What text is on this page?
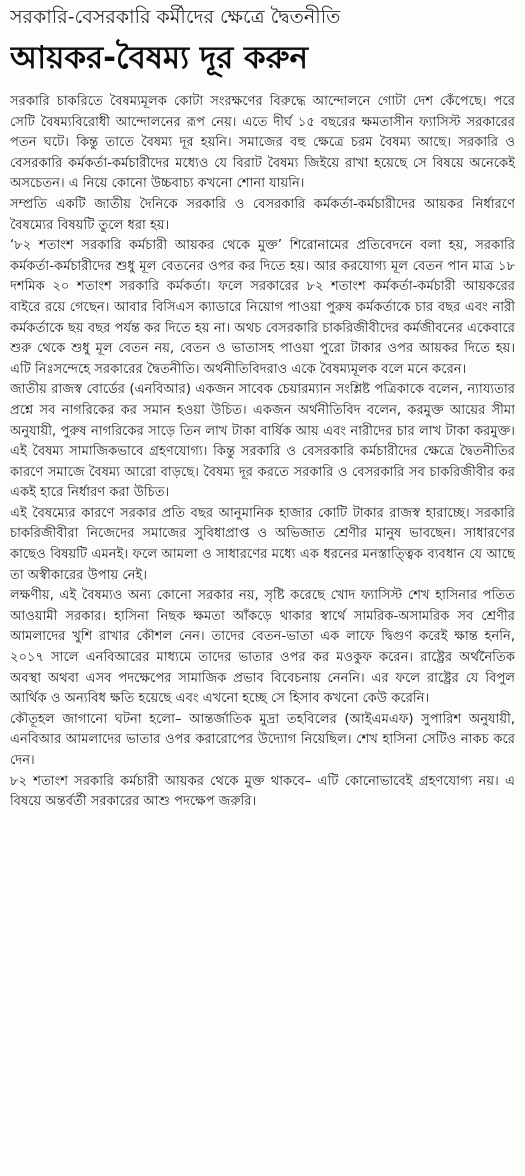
সরকারি-বেসরকারি কর্মীদের ক্ষেত্রে দ্বৈতনীতি
আয়কর-বৈষম্য দূর করুন

সরকারি চাকরিতে বৈষম্যমূলক কোটা সংরক্ষণের বিরুদ্ধে আন্দোলনে গোটা দেশ কেঁপেছে। পরে সেটি বৈষম্যবিরোধী আন্দোলনের রূপ নেয়। এতে দীর্ঘ ১৫ বছরের ক্ষমতাসীন ফ্যাসিস্ট সরকারের পতন ঘটে। কিন্তু তাতে বৈষম্য দূর হয়নি। সমাজের বহু ক্ষেত্রে চরম বৈষম্য আছে। সরকারি ও বেসরকারি কর্মকর্তা-কর্মচারীদের মধ্যেও যে বিরাট বৈষম্য জিইয়ে রাখা হয়েছে সে বিষয়ে অনেকেই অসচেতন। এ নিয়ে কোনো উচ্চবাচ্য কখনো শোনা যায়নি।

সম্প্রতি একটি জাতীয় দৈনিকে সরকারি ও বেসরকারি কর্মকর্তা-কর্মচারীদের আয়কর নির্ধারণে বৈষম্যের বিষয়টি তুলে ধরা হয়।

‘৮২ শতাংশ সরকারি কর্মচারী আয়কর থেকে মুক্ত’ শিরোনামের প্রতিবেদনে বলা হয়, সরকারি কর্মকর্তা-কর্মচারীদের শুধু মূল বেতনের ওপর কর দিতে হয়। আর করযোগ্য মূল বেতন পান মাত্র ১৮ দশমিক ২০ শতাংশ সরকারি কর্মকর্তা। ফলে সরকারের ৮২ শতাংশ কর্মকর্তা-কর্মচারী আয়করের বাইরে রয়ে গেছেন। আবার বিসিএস ক্যাডারে নিয়োগ পাওয়া পুরুষ কর্মকর্তাকে চার বছর এবং নারী কর্মকর্তাকে ছয় বছর পর্যন্ত কর দিতে হয় না। অথচ বেসরকারি চাকরিজীবীদের কর্মজীবনের একেবারে শুরু থেকে শুধু মূল বেতন নয়, বেতন ও ভাতাসহ পাওয়া পুরো টাকার ওপর আয়কর দিতে হয়। এটি নিঃসন্দেহে সরকারের দ্বৈতনীতি। অর্থনীতিবিদরাও একে বৈষম্যমূলক বলে মনে করেন।

জাতীয় রাজস্ব বোর্ডের (এনবিআর) একজন সাবেক চেয়ারম্যান সংশ্লিষ্ট পত্রিকাকে বলেন, ন্যায্যতার প্রশ্নে সব নাগরিকের কর সমান হওয়া উচিত। একজন অর্থনীতিবিদ বলেন, করমুক্ত আয়ের সীমা অনুযায়ী, পুরুষ নাগরিকের সাড়ে তিন লাখ টাকা বার্ষিক আয় এবং নারীদের চার লাখ টাকা করমুক্ত। এই বৈষম্য সামাজিকভাবে গ্রহণযোগ্য। কিন্তু সরকারি ও বেসরকারি কর্মচারীদের ক্ষেত্রে দ্বৈতনীতির কারণে সমাজে বৈষম্য আরো বাড়ছে। বৈষম্য দূর করতে সরকারি ও বেসরকারি সব চাকরিজীবীর কর একই হারে নির্ধারণ করা উচিত।

এই বৈষম্যের কারণে সরকার প্রতি বছর আনুমানিক হাজার কোটি টাকার রাজস্ব হারাচ্ছে। সরকারি চাকরিজীবীরা নিজেদের সমাজের সুবিধাপ্রাপ্ত ও অভিজাত শ্রেণীর মানুষ ভাবছেন। সাধারণের কাছেও বিষয়টি এমনই। ফলে আমলা ও সাধারণের মধ্যে এক ধরনের মনস্তাত্ত্বিক ব্যবধান যে আছে তা অস্বীকারের উপায় নেই।

লক্ষণীয়, এই বৈষম্যও অন্য কোনো সরকার নয়, সৃষ্টি করেছে খোদ ফ্যাসিস্ট শেখ হাসিনার পতিত আওয়ামী সরকার। হাসিনা নিছক ক্ষমতা আঁকড়ে থাকার স্বার্থে সামরিক-অসামরিক সব শ্রেণীর আমলাদের খুশি রাখার কৌশল নেন। তাদের বেতন-ভাতা এক লাফে দ্বিগুণ করেই ক্ষান্ত হননি, ২০১৭ সালে এনবিআরের মাধ্যমে তাদের ভাতার ওপর কর মওকুফ করেন। রাষ্ট্রের অর্থনৈতিক অবস্থা অথবা এসব পদক্ষেপের সামাজিক প্রভাব বিবেচনায় নেননি। এর ফলে রাষ্ট্রের যে বিপুল আর্থিক ও অন্যবিধ ক্ষতি হয়েছে এবং এখনো হচ্ছে সে হিসাব কখনো কেউ করেনি।

কৌতূহল জাগানো ঘটনা হলো– আন্তর্জাতিক মুদ্রা তহবিলের (আইএমএফ) সুপারিশ অনুযায়ী, এনবিআর আমলাদের ভাতার ওপর করারোপের উদ্যোগ নিয়েছিল। শেখ হাসিনা সেটিও নাকচ করে দেন।

৮২ শতাংশ সরকারি কর্মচারী আয়কর থেকে মুক্ত থাকবে– এটি কোনোভাবেই গ্রহণযোগ্য নয়। এ বিষয়ে অন্তর্বর্তী সরকারের আশু পদক্ষেপ জরুরি।
